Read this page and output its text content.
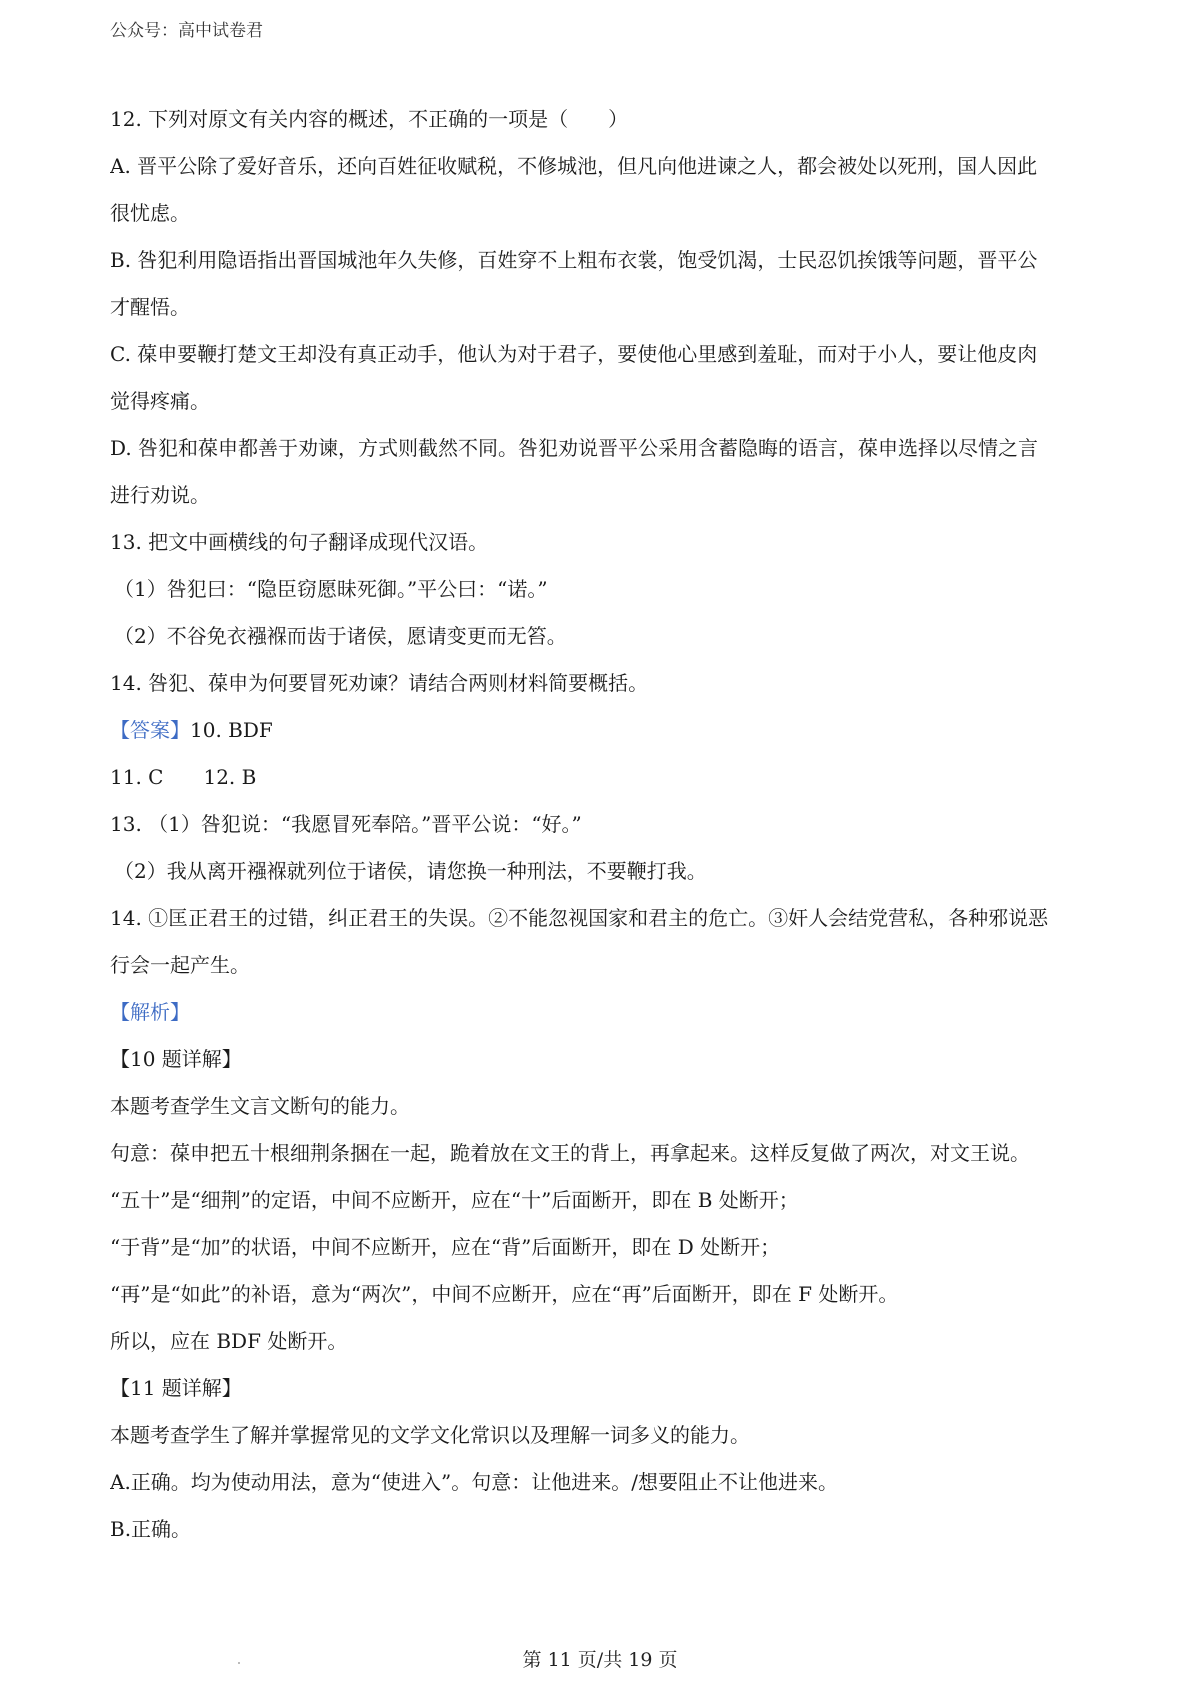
公众号：高中试卷君
12. 下列对原文有关内容的概述，不正确的一项是（　　）
A. 晋平公除了爱好音乐，还向百姓征收赋税，不修城池，但凡向他进谏之人，都会被处以死刑，国人因此
很忧虑。
B. 咎犯利用隐语指出晋国城池年久失修，百姓穿不上粗布衣裳，饱受饥渴，士民忍饥挨饿等问题，晋平公
才醒悟。
C. 葆申要鞭打楚文王却没有真正动手，他认为对于君子，要使他心里感到羞耻，而对于小人，要让他皮肉
觉得疼痛。
D. 咎犯和葆申都善于劝谏，方式则截然不同。咎犯劝说晋平公采用含蓄隐晦的语言，葆申选择以尽情之言
进行劝说。
13. 把文中画横线的句子翻译成现代汉语。
（1）咎犯曰：“隐臣窃愿昧死御。”平公曰：“诺。”
（2）不谷免衣襁褓而齿于诸侯，愿请变更而无笞。
14. 咎犯、葆申为何要冒死劝谏？请结合两则材料简要概括。
【答案】10. BDF
11. C　　12. B
13. （1）咎犯说：“我愿冒死奉陪。”晋平公说：“好。”
（2）我从离开襁褓就列位于诸侯，请您换一种刑法，不要鞭打我。
14. ①匡正君王的过错，纠正君王的失误。②不能忽视国家和君主的危亡。③奸人会结党营私，各种邪说恶
行会一起产生。
【解析】
【10 题详解】
本题考查学生文言文断句的能力。
句意：葆申把五十根细荆条捆在一起，跪着放在文王的背上，再拿起来。这样反复做了两次，对文王说。
“五十”是“细荆”的定语，中间不应断开，应在“十”后面断开，即在 B 处断开；
“于背”是“加”的状语，中间不应断开，应在“背”后面断开，即在 D 处断开；
“再”是“如此”的补语，意为“两次”，中间不应断开，应在“再”后面断开，即在 F 处断开。
所以，应在 BDF 处断开。
【11 题详解】
本题考查学生了解并掌握常见的文学文化常识以及理解一词多义的能力。
A.正确。均为使动用法，意为“使进入”。句意：让他进来。/想要阻止不让他进来。
B.正确。
第 11 页/共 19 页
